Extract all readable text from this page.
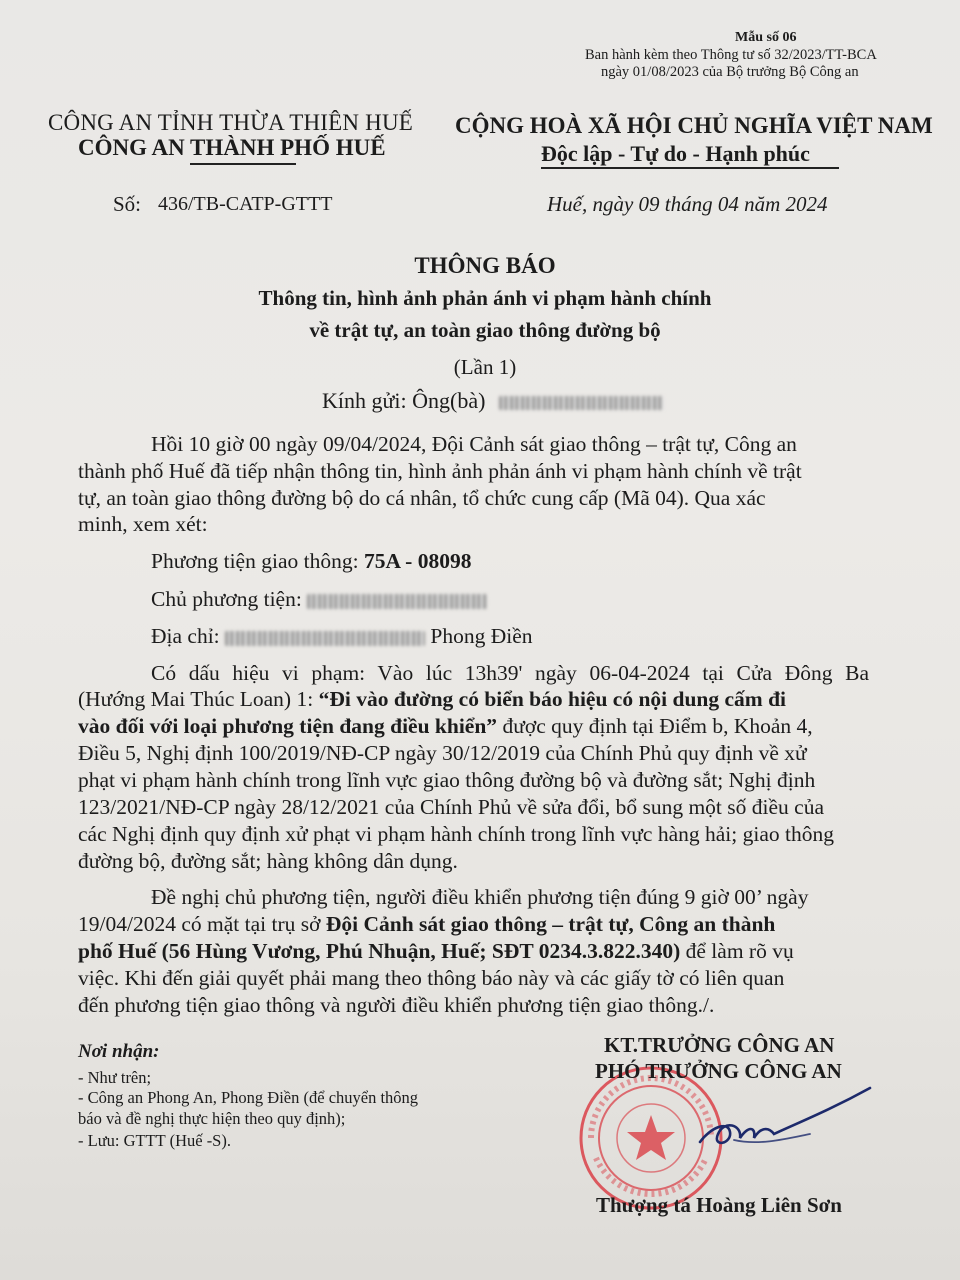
Mẫu số 06
Ban hành kèm theo Thông tư số 32/2023/TT-BCA
ngày 01/08/2023 của Bộ trưởng Bộ Công an
CÔNG AN TỈNH THỪA THIÊN HUẾ
CÔNG AN THÀNH PHỐ HUẾ
Số: 436/TB-CATP-GTTT
CỘNG HOÀ XÃ HỘI CHỦ NGHĨA VIỆT NAM
Độc lập - Tự do - Hạnh phúc
Huế, ngày 09 tháng 04 năm 2024
THÔNG BÁO
Thông tin, hình ảnh phản ánh vi phạm hành chính
về trật tự, an toàn giao thông đường bộ
(Lần 1)
Kính gửi: Ông(bà)
Hồi 10 giờ 00 ngày 09/04/2024, Đội Cảnh sát giao thông – trật tự, Công an
thành phố Huế đã tiếp nhận thông tin, hình ảnh phản ánh vi phạm hành chính về trật
tự, an toàn giao thông đường bộ do cá nhân, tổ chức cung cấp (Mã 04). Qua xác
minh, xem xét:
Phương tiện giao thông: 75A - 08098
Chủ phương tiện:
Địa chỉ:	Phong Điền
Có dấu hiệu vi phạm: Vào lúc 13h39' ngày 06-04-2024 tại Cửa Đông Ba
(Hướng Mai Thúc Loan) 1: “Đi vào đường có biển báo hiệu có nội dung cấm đi
vào đối với loại phương tiện đang điều khiển” được quy định tại Điểm b, Khoản 4,
Điều 5, Nghị định 100/2019/NĐ-CP ngày 30/12/2019 của Chính Phủ quy định về xử
phạt vi phạm hành chính trong lĩnh vực giao thông đường bộ và đường sắt; Nghị định
123/2021/NĐ-CP ngày 28/12/2021 của Chính Phủ về sửa đổi, bổ sung một số điều của
các Nghị định quy định xử phạt vi phạm hành chính trong lĩnh vực hàng hải; giao thông
đường bộ, đường sắt; hàng không dân dụng.
Đề nghị chủ phương tiện, người điều khiển phương tiện đúng 9 giờ 00’ ngày
19/04/2024 có mặt tại trụ sở Đội Cảnh sát giao thông – trật tự, Công an thành
phố Huế (56 Hùng Vương, Phú Nhuận, Huế; SĐT 0234.3.822.340) để làm rõ vụ
việc. Khi đến giải quyết phải mang theo thông báo này và các giấy tờ có liên quan
đến phương tiện giao thông và người điều khiển phương tiện giao thông./.
Nơi nhận:
- Như trên;
- Công an Phong An, Phong Điền (để chuyển thông
báo và đề nghị thực hiện theo quy định);
- Lưu: GTTT (Huế -S).
KT.TRƯỞNG CÔNG AN
PHÓ TRƯỞNG CÔNG AN
Thượng tá Hoàng Liên Sơn
